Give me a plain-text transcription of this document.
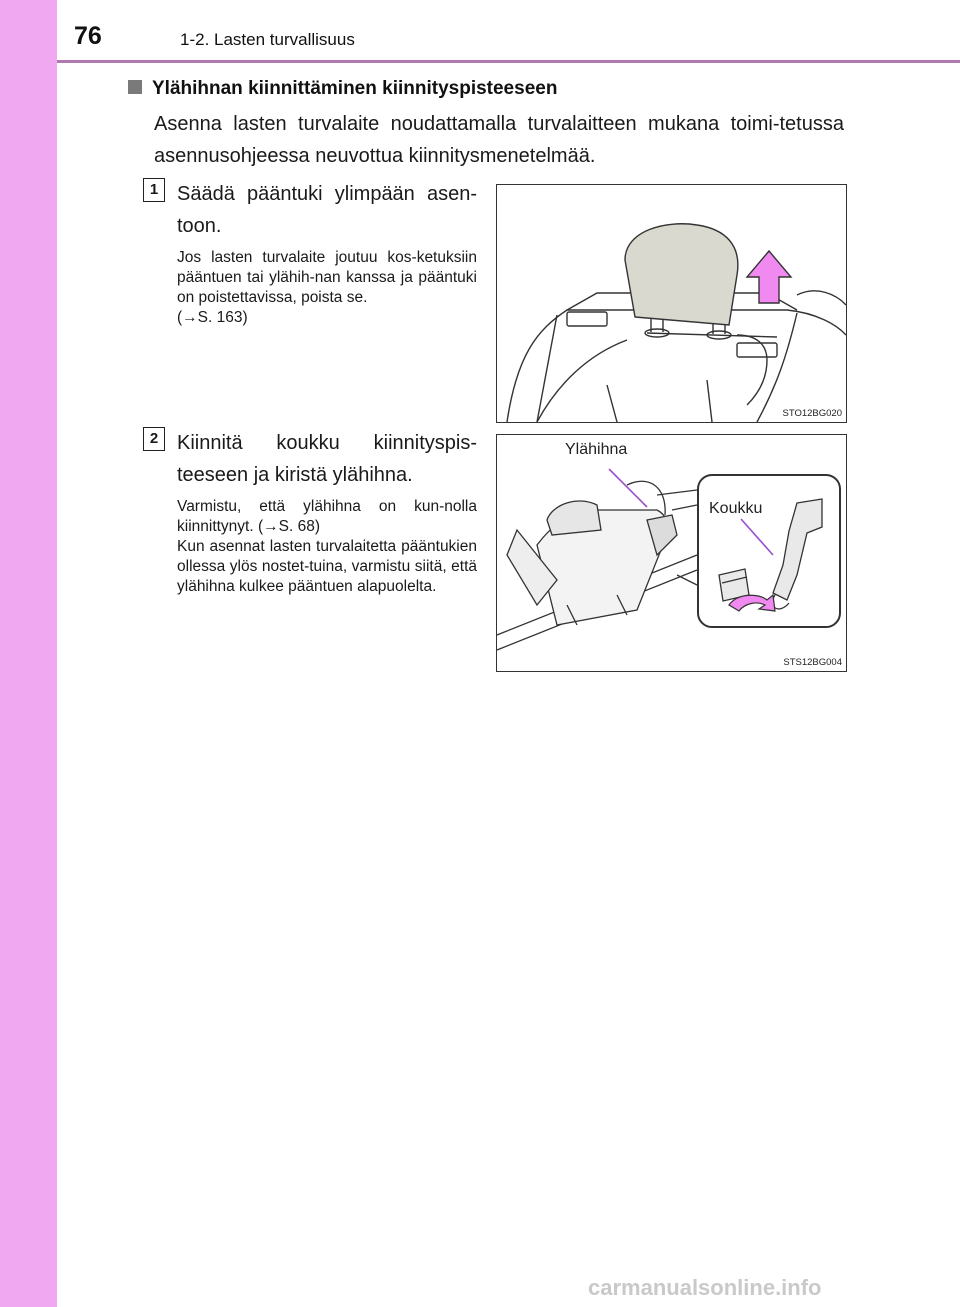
76	1-2. Lasten turvallisuus
Ylähihnan kiinnittäminen kiinnityspisteeseen
Asenna lasten turvalaite noudattamalla turvalaitteen mukana toimi-tetussa asennusohjeessa neuvottua kiinnitysmenetelmää.
1 Säädä pääntuki ylimpään asen-toon.
Jos lasten turvalaite joutuu kos-ketuksiin pääntuen tai ylähih-nan kanssa ja pääntuki on poistettavissa, poista se.
(→S. 163)
STO12BG020
2 Kiinnitä koukku kiinnityspis-teeseen ja kiristä ylähihna.
Varmistu, että ylähihna on kun-nolla kiinnittynyt. (→S. 68)
Kun asennat lasten turvalaitetta pääntukien ollessa ylös nostet-tuina, varmistu siitä, että ylähihna kulkee pääntuen alapuolelta.
Ylähihna
Koukku
STS12BG004
carmanualsonline.info
